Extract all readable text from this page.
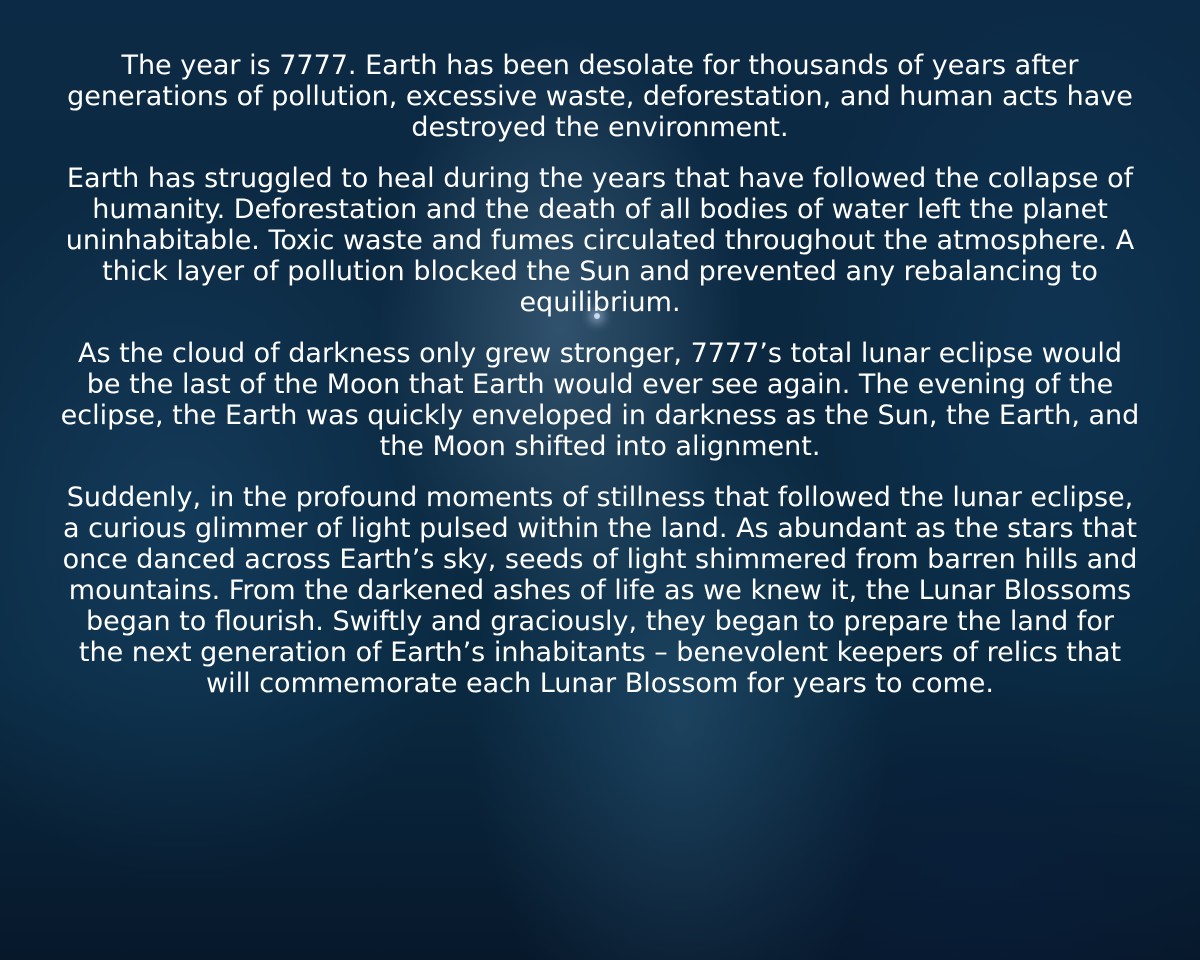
The year is 7777. Earth has been desolate for thousands of years after generations of pollution, excessive waste, deforestation, and human acts have destroyed the environment.

Earth has struggled to heal during the years that have followed the collapse of humanity. Deforestation and the death of all bodies of water left the planet uninhabitable. Toxic waste and fumes circulated throughout the atmosphere. A thick layer of pollution blocked the Sun and prevented any rebalancing to equilibrium.

As the cloud of darkness only grew stronger, 7777’s total lunar eclipse would be the last of the Moon that Earth would ever see again. The evening of the eclipse, the Earth was quickly enveloped in darkness as the Sun, the Earth, and the Moon shifted into alignment.

Suddenly, in the profound moments of stillness that followed the lunar eclipse, a curious glimmer of light pulsed within the land. As abundant as the stars that once danced across Earth’s sky, seeds of light shimmered from barren hills and mountains. From the darkened ashes of life as we knew it, the Lunar Blossoms began to flourish. Swiftly and graciously, they began to prepare the land for the next generation of Earth’s inhabitants – benevolent keepers of relics that will commemorate each Lunar Blossom for years to come.
